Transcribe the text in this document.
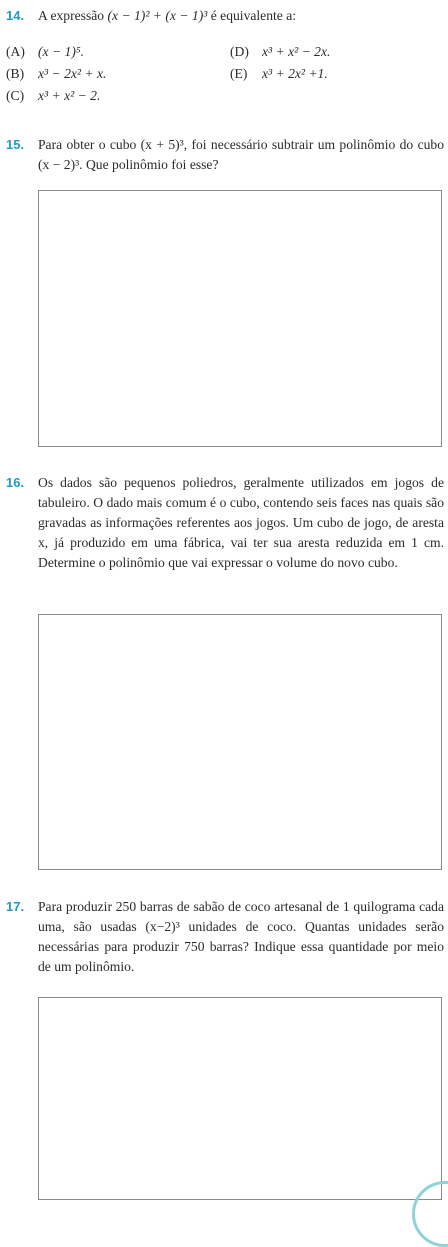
14. A expressão (x − 1)² + (x − 1)³ é equivalente a:
(A) (x − 1)⁵.
(B) x³ − 2x² + x.
(C) x³ + x² − 2.
(D) x³ + x² − 2x.
(E) x³ + 2x² +1.
15. Para obter o cubo (x + 5)³, foi necessário subtrair um polinômio do cubo (x − 2)³. Que polinômio foi esse?
16. Os dados são pequenos poliedros, geralmente utilizados em jogos de tabuleiro. O dado mais comum é o cubo, contendo seis faces nas quais são gravadas as informações referentes aos jogos. Um cubo de jogo, de aresta x, já produzido em uma fábrica, vai ter sua aresta reduzida em 1 cm. Determine o polinômio que vai expressar o volume do novo cubo.
17. Para produzir 250 barras de sabão de coco artesanal de 1 quilograma cada uma, são usadas (x−2)³ unidades de coco. Quantas unidades serão necessárias para produzir 750 barras? Indique essa quantidade por meio de um polinômio.
